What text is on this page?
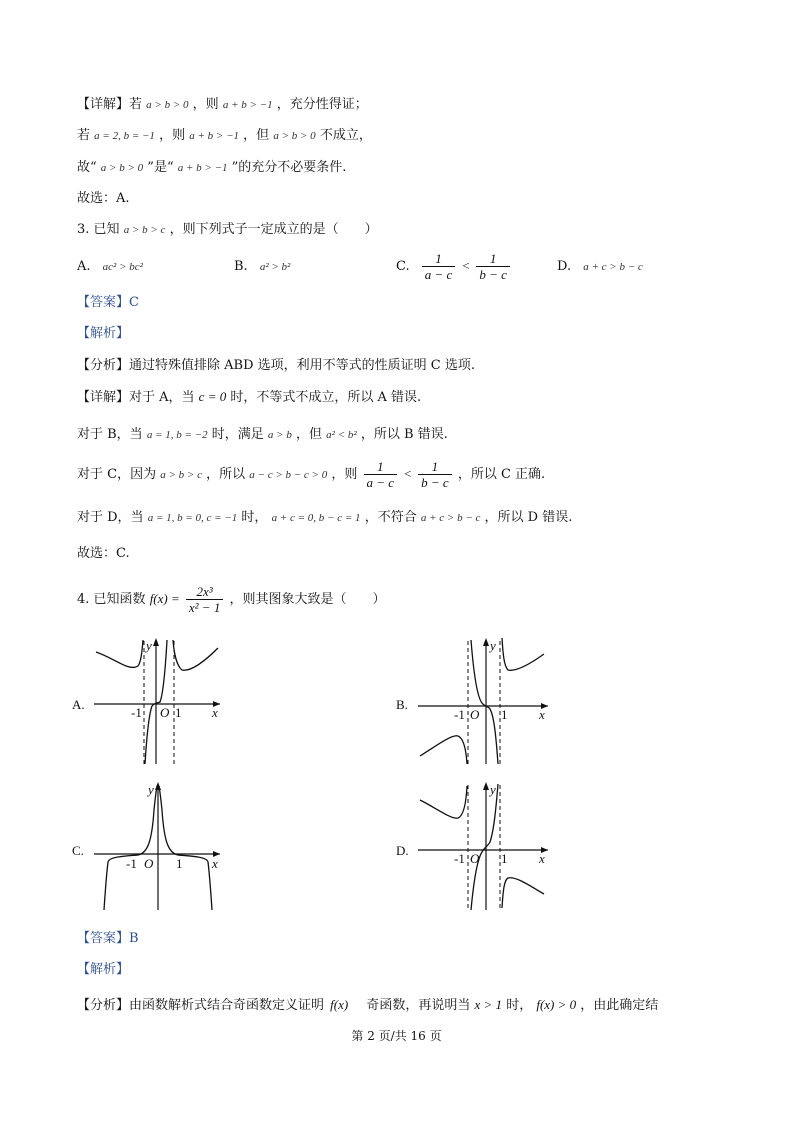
【详解】若 a > b > 0 ，则 a + b > −1 ，充分性得证；
若 a = 2, b = −1 ，则 a + b > −1 ，但 a > b > 0 不成立，
故“ a > b > 0 ”是“ a + b > −1 ”的充分不必要条件.
故选：A.
3. 已知 a > b > c ，则下列式子一定成立的是（　　）
A. ac² > bc²	B. a² > b²	C. $\frac{1}{a - c} < \frac{1}{b - c}$	D. a + c > b − c
【答案】C
【解析】
【分析】通过特殊值排除 ABD 选项，利用不等式的性质证明 C 选项.
【详解】对于 A，当 c = 0 时，不等式不成立，所以 A 错误.
对于 B，当 a = 1, b = −2 时，满足 a > b ，但 a² < b² ，所以 B 错误.
对于 C，因为 a > b > c ，所以 a − c > b − c > 0 ，则 $\frac{1}{a - c} < \frac{1}{b - c}$ ，所以 C 正确.
对于 D，当 a = 1, b = 0, c = −1 时， a + c = 0, b − c = 1 ，不符合 a + c > b − c ，所以 D 错误.
故选：C.
4. 已知函数 $f(x) = \frac{\text{2x³}}{\text{x² − 1}}$ ，则其图象大致是（　　）
A.
-1 O 1 x
y
B.
-1 O 1 x
y
C.
-1 O 1 x
y
D.
-1 O 1 x
y
【答案】B
【解析】
【分析】由函数解析式结合奇函数定义证明 f(x) 奇函数，再说明当 x > 1 时， f(x) > 0 ，由此确定结
第 2 页/共 16 页
